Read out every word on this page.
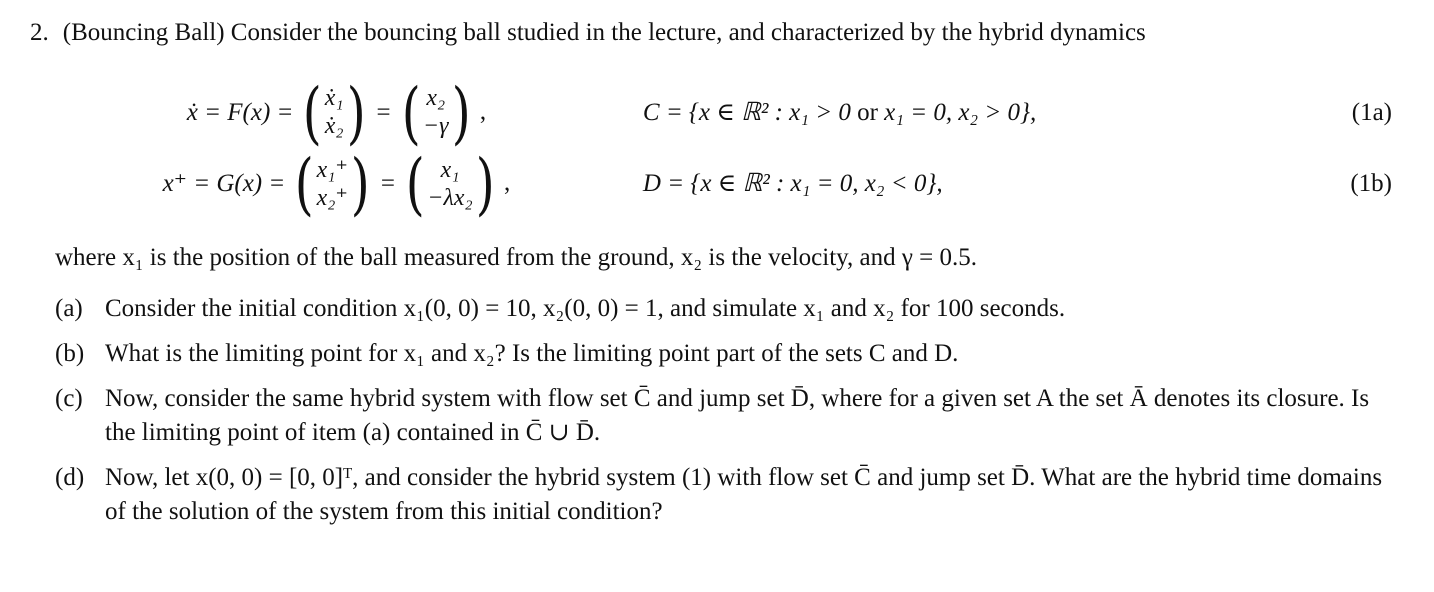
2. (Bouncing Ball) Consider the bouncing ball studied in the lecture, and characterized by the hybrid dynamics
ẋ = F(x) = ( ẋ₁
ẋ₂ ) = ( x₂
−γ ) ,	C = {x ∈ ℝ² : x₁ > 0 or x₁ = 0, x₂ > 0},	(1a)
x⁺ = G(x) = ( x₁⁺
x₂⁺ ) = ( x₁
−λx₂ ) ,	D = {x ∈ ℝ² : x₁ = 0, x₂ < 0},	(1b)
where x₁ is the position of the ball measured from the ground, x₂ is the velocity, and γ = 0.5.
(a) Consider the initial condition x₁(0, 0) = 10, x₂(0, 0) = 1, and simulate x₁ and x₂ for 100 seconds.
(b) What is the limiting point for x₁ and x₂? Is the limiting point part of the sets C and D.
(c) Now, consider the same hybrid system with flow set C̄ and jump set D̄, where for a given set A the set Ā denotes its closure. Is the limiting point of item (a) contained in C̄ ∪ D̄.
(d) Now, let x(0, 0) = [0, 0]ᵀ, and consider the hybrid system (1) with flow set C̄ and jump set D̄. What are the hybrid time domains of the solution of the system from this initial condition?
